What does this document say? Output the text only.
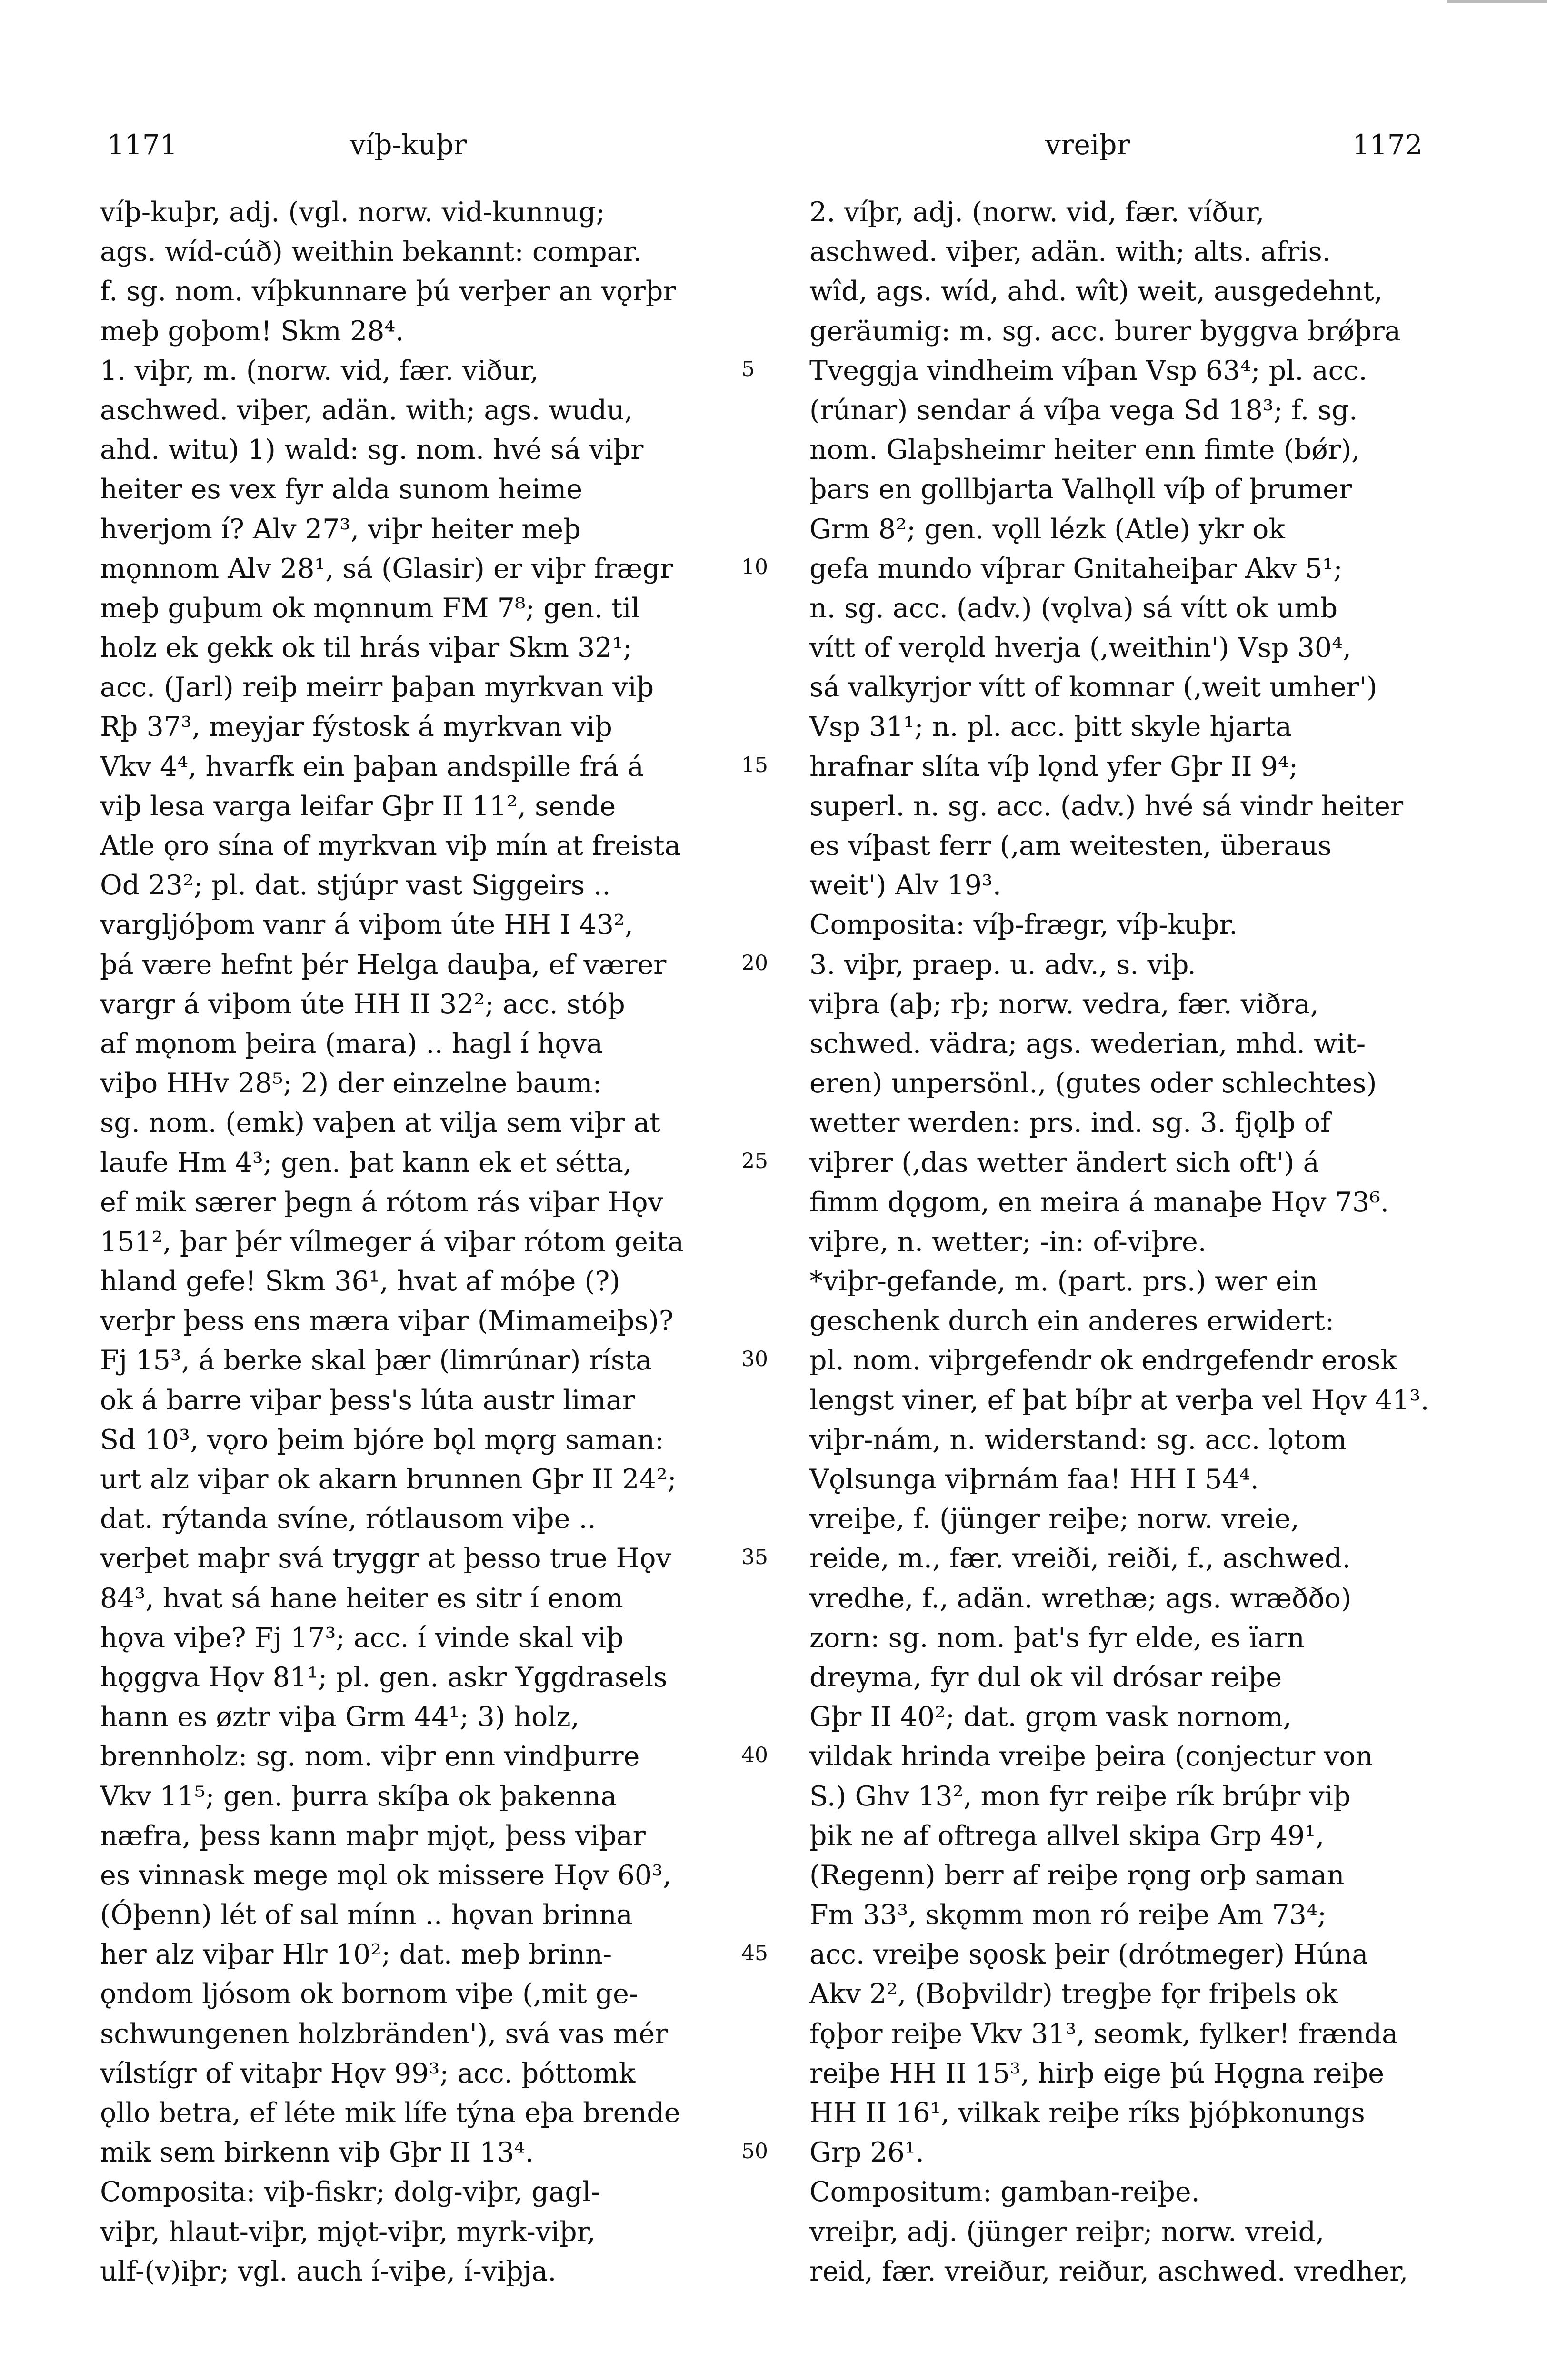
1171	víþ-kuþr	vreiþr	1172
víþ-kuþr, adj. (vgl. norw. vid-kunnug;
ags. wíd-cúð) weithin bekannt: compar.
f. sg. nom. víþkunnare þú verþer an vǫrþr
meþ goþom! Skm 28⁴.
1. viþr, m. (norw. vid, fær. viður,
aschwed. viþer, adän. with; ags. wudu,
ahd. witu) 1) wald: sg. nom. hvé sá viþr
heiter es vex fyr alda sunom heime
hverjom í? Alv 27³, viþr heiter meþ
mǫnnom Alv 28¹, sá (Glasir) er viþr frægr
meþ guþum ok mǫnnum FM 7⁸; gen. til
holz ek gekk ok til hrás viþar Skm 32¹;
acc. (Jarl) reiþ meirr þaþan myrkvan viþ
Rþ 37³, meyjar fýstosk á myrkvan viþ
Vkv 4⁴, hvarfk ein þaþan andspille frá á
viþ lesa varga leifar Gþr II 11², sende
Atle ǫro sína of myrkvan viþ mín at freista
Od 23²; pl. dat. stjúpr vast Siggeirs ..
vargljóþom vanr á viþom úte HH I 43²,
þá være hefnt þér Helga dauþa, ef værer
vargr á viþom úte HH II 32²; acc. stóþ
af mǫnom þeira (mara) .. hagl í hǫva
viþo HHv 28⁵; 2) der einzelne baum:
sg. nom. (emk) vaþen at vilja sem viþr at
laufe Hm 4³; gen. þat kann ek et sétta,
ef mik særer þegn á rótom rás viþar Hǫv
151², þar þér vílmeger á viþar rótom geita
hland gefe! Skm 36¹, hvat af móþe (?)
verþr þess ens mæra viþar (Mimameiþs)?
Fj 15³, á berke skal þær (limrúnar) rísta
ok á barre viþar þess's lúta austr limar
Sd 10³, vǫro þeim bjóre bǫl mǫrg saman:
urt alz viþar ok akarn brunnen Gþr II 24²;
dat. rýtanda svíne, rótlausom viþe ..
verþet maþr svá tryggr at þesso true Hǫv
84³, hvat sá hane heiter es sitr í enom
hǫva viþe? Fj 17³; acc. í vinde skal viþ
hǫggva Hǫv 81¹; pl. gen. askr Yggdrasels
hann es øztr viþa Grm 44¹; 3) holz,
brennholz: sg. nom. viþr enn vindþurre
Vkv 11⁵; gen. þurra skíþa ok þakenna
næfra, þess kann maþr mjǫt, þess viþar
es vinnask mege mǫl ok missere Hǫv 60³,
(Óþenn) lét of sal mínn .. hǫvan brinna
her alz viþar Hlr 10²; dat. meþ brinn-
ǫndom ljósom ok bornom viþe (‚mit ge-
schwungenen holzbränden'), svá vas mér
vílstígr of vitaþr Hǫv 99³; acc. þóttomk
ǫllo betra, ef léte mik lífe týna eþa brende
mik sem birkenn viþ Gþr II 13⁴.
Composita: viþ-fiskr; dolg-viþr, gagl-
viþr, hlaut-viþr, mjǫt-viþr, myrk-viþr,
ulf-(v)iþr; vgl. auch í-viþe, í-viþja.
5
10
15
20
25
30
35
40
45
50
2. víþr, adj. (norw. vid, fær. víður,
aschwed. viþer, adän. with; alts. afris.
wîd, ags. wíd, ahd. wît) weit, ausgedehnt,
geräumig: m. sg. acc. burer byggva brǿþra
Tveggja vindheim víþan Vsp 63⁴; pl. acc.
(rúnar) sendar á víþa vega Sd 18³; f. sg.
nom. Glaþsheimr heiter enn fimte (bǿr),
þars en gollbjarta Valhǫll víþ of þrumer
Grm 8²; gen. vǫll lézk (Atle) ykr ok
gefa mundo víþrar Gnitaheiþar Akv 5¹;
n. sg. acc. (adv.) (vǫlva) sá vítt ok umb
vítt of verǫld hverja (‚weithin') Vsp 30⁴,
sá valkyrjor vítt of komnar (‚weit umher')
Vsp 31¹; n. pl. acc. þitt skyle hjarta
hrafnar slíta víþ lǫnd yfer Gþr II 9⁴;
superl. n. sg. acc. (adv.) hvé sá vindr heiter
es víþast ferr (‚am weitesten, überaus
weit') Alv 19³.
Composita: víþ-frægr, víþ-kuþr.
3. viþr, praep. u. adv., s. viþ.
viþra (aþ; rþ; norw. vedra, fær. viðra,
schwed. vädra; ags. wederian, mhd. wit-
eren) unpersönl., (gutes oder schlechtes)
wetter werden: prs. ind. sg. 3. fjǫlþ of
viþrer (‚das wetter ändert sich oft') á
fimm dǫgom, en meira á manaþe Hǫv 73⁶.
viþre, n. wetter; -in: of-viþre.
*viþr-gefande, m. (part. prs.) wer ein
geschenk durch ein anderes erwidert:
pl. nom. viþrgefendr ok endrgefendr erosk
lengst viner, ef þat bíþr at verþa vel Hǫv 41³.
viþr-nám, n. widerstand: sg. acc. lǫtom
Vǫlsunga viþrnám faa! HH I 54⁴.
vreiþe, f. (jünger reiþe; norw. vreie,
reide, m., fær. vreiði, reiði, f., aschwed.
vredhe, f., adän. wrethæ; ags. wræððo)
zorn: sg. nom. þat's fyr elde, es ïarn
dreyma, fyr dul ok vil drósar reiþe
Gþr II 40²; dat. grǫm vask nornom,
vildak hrinda vreiþe þeira (conjectur von
S.) Ghv 13², mon fyr reiþe rík brúþr viþ
þik ne af oftrega allvel skipa Grp 49¹,
(Regenn) berr af reiþe rǫng orþ saman
Fm 33³, skǫmm mon ró reiþe Am 73⁴;
acc. vreiþe sǫosk þeir (drótmeger) Húna
Akv 2², (Boþvildr) tregþe fǫr friþels ok
fǫþor reiþe Vkv 31³, seomk, fylker! frænda
reiþe HH II 15³, hirþ eige þú Hǫgna reiþe
HH II 16¹, vilkak reiþe ríks þjóþkonungs
Grp 26¹.
Compositum: gamban-reiþe.
vreiþr, adj. (jünger reiþr; norw. vreid,
reid, fær. vreiður, reiður, aschwed. vredher,
